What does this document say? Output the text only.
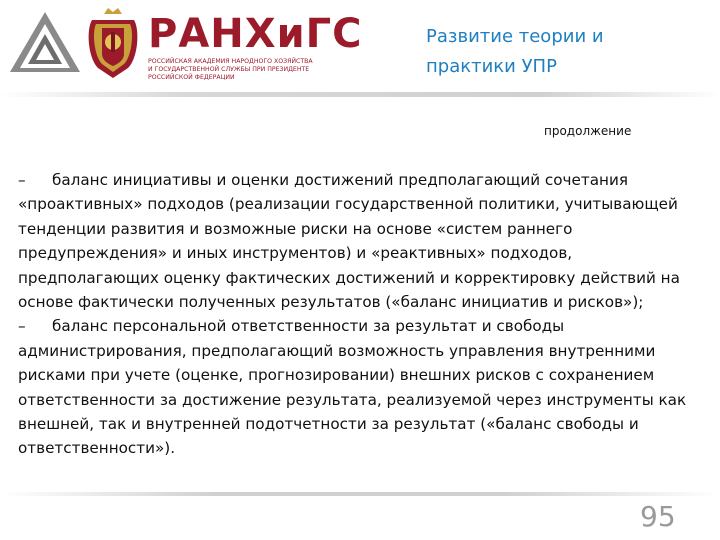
РАНХиГС
РОССИЙСКАЯ АКАДЕМИЯ НАРОДНОГО ХОЗЯЙСТВА И ГОСУДАРСТВЕННОЙ СЛУЖБЫ ПРИ ПРЕЗИДЕНТЕ РОССИЙСКОЙ ФЕДЕРАЦИИ
Развитие теории и практики УПР
продолжение
– баланс инициативы и оценки достижений предполагающий сочетания «проактивных» подходов (реализации государственной политики, учитывающей тенденции развития и возможные риски на основе «систем раннего предупреждения» и иных инструментов) и «реактивных» подходов, предполагающих оценку фактических достижений и корректировку действий на основе фактически полученных результатов («баланс инициатив и рисков»);
– баланс персональной ответственности за результат и свободы администрирования, предполагающий возможность управления внутренними рисками при учете (оценке, прогнозировании) внешних рисков с сохранением ответственности за достижение результата, реализуемой через инструменты как внешней, так и внутренней подотчетности за результат («баланс свободы и ответственности»).
95
